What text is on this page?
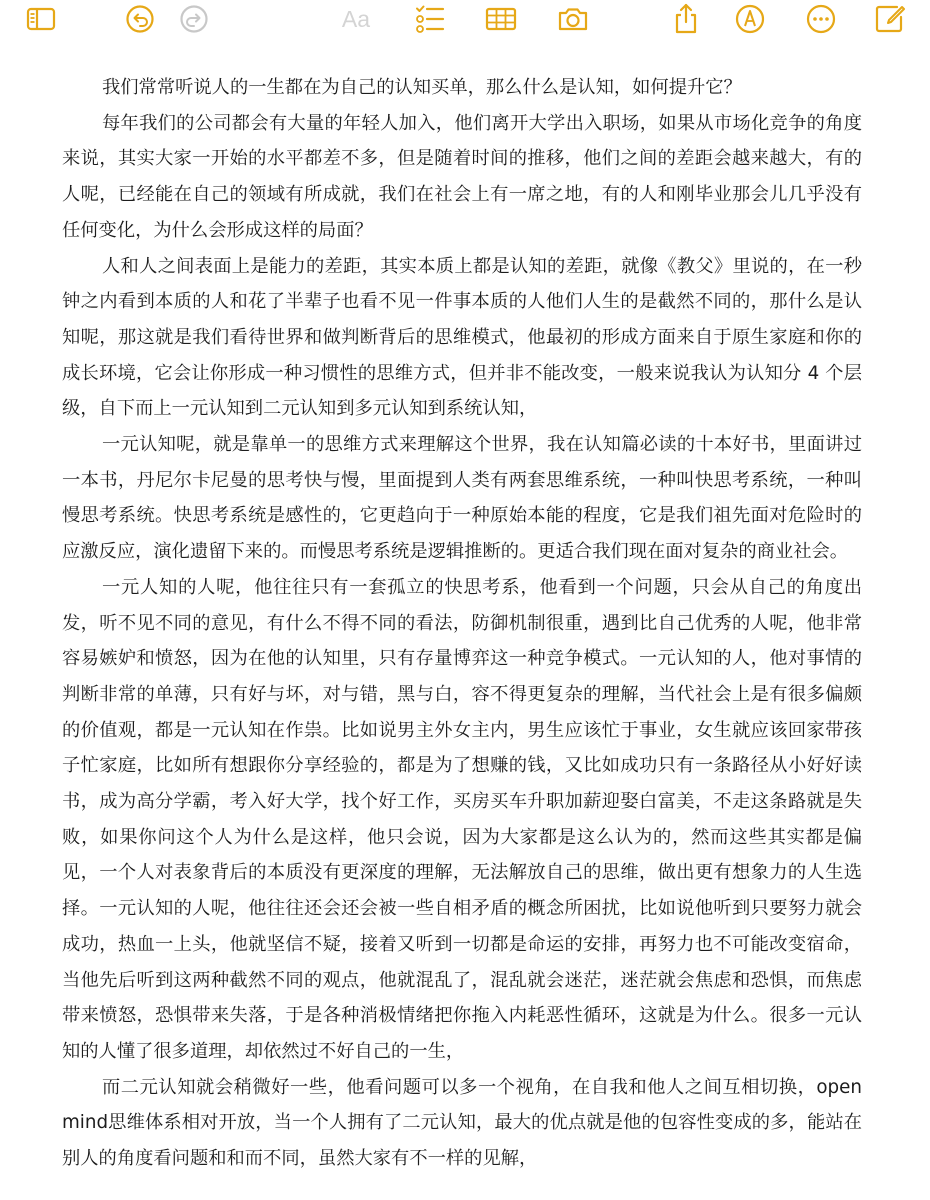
Aa

我们常常听说人的一生都在为自己的认知买单，那么什么是认知，如何提升它？

每年我们的公司都会有大量的年轻人加入，他们离开大学出入职场，如果从市场化竞争的角度来说，其实大家一开始的水平都差不多，但是随着时间的推移，他们之间的差距会越来越大，有的人呢，已经能在自己的领域有所成就，我们在社会上有一席之地，有的人和刚毕业那会儿几乎没有任何变化，为什么会形成这样的局面？

人和人之间表面上是能力的差距，其实本质上都是认知的差距，就像《教父》里说的，在一秒钟之内看到本质的人和花了半辈子也看不见一件事本质的人他们人生的是截然不同的，那什么是认知呢，那这就是我们看待世界和做判断背后的思维模式，他最初的形成方面来自于原生家庭和你的成长环境，它会让你形成一种习惯性的思维方式，但并非不能改变，一般来说我认为认知分 4 个层级，自下而上一元认知到二元认知到多元认知到系统认知，

一元认知呢，就是靠单一的思维方式来理解这个世界，我在认知篇必读的十本好书，里面讲过一本书，丹尼尔卡尼曼的思考快与慢，里面提到人类有两套思维系统，一种叫快思考系统，一种叫慢思考系统。快思考系统是感性的，它更趋向于一种原始本能的程度，它是我们祖先面对危险时的应激反应，演化遗留下来的。而慢思考系统是逻辑推断的。更适合我们现在面对复杂的商业社会。

一元人知的人呢，他往往只有一套孤立的快思考系，他看到一个问题，只会从自己的角度出发，听不见不同的意见，有什么不得不同的看法，防御机制很重，遇到比自己优秀的人呢，他非常容易嫉妒和愤怒，因为在他的认知里，只有存量博弈这一种竞争模式。一元认知的人，他对事情的判断非常的单薄，只有好与坏，对与错，黑与白，容不得更复杂的理解，当代社会上是有很多偏颇的价值观，都是一元认知在作祟。比如说男主外女主内，男生应该忙于事业，女生就应该回家带孩子忙家庭，比如所有想跟你分享经验的，都是为了想赚的钱，又比如成功只有一条路径从小好好读书，成为高分学霸，考入好大学，找个好工作，买房买车升职加薪迎娶白富美，不走这条路就是失败，如果你问这个人为什么是这样，他只会说，因为大家都是这么认为的，然而这些其实都是偏见，一个人对表象背后的本质没有更深度的理解，无法解放自己的思维，做出更有想象力的人生选择。一元认知的人呢，他往往还会还会被一些自相矛盾的概念所困扰，比如说他听到只要努力就会成功，热血一上头，他就坚信不疑，接着又听到一切都是命运的安排，再努力也不可能改变宿命，当他先后听到这两种截然不同的观点，他就混乱了，混乱就会迷茫，迷茫就会焦虑和恐惧，而焦虑带来愤怒，恐惧带来失落，于是各种消极情绪把你拖入内耗恶性循环，这就是为什么。很多一元认知的人懂了很多道理，却依然过不好自己的一生，

而二元认知就会稍微好一些，他看问题可以多一个视角，在自我和他人之间互相切换，open mind思维体系相对开放，当一个人拥有了二元认知，最大的优点就是他的包容性变成的多，能站在别人的角度看问题和和而不同，虽然大家有不一样的见解，
